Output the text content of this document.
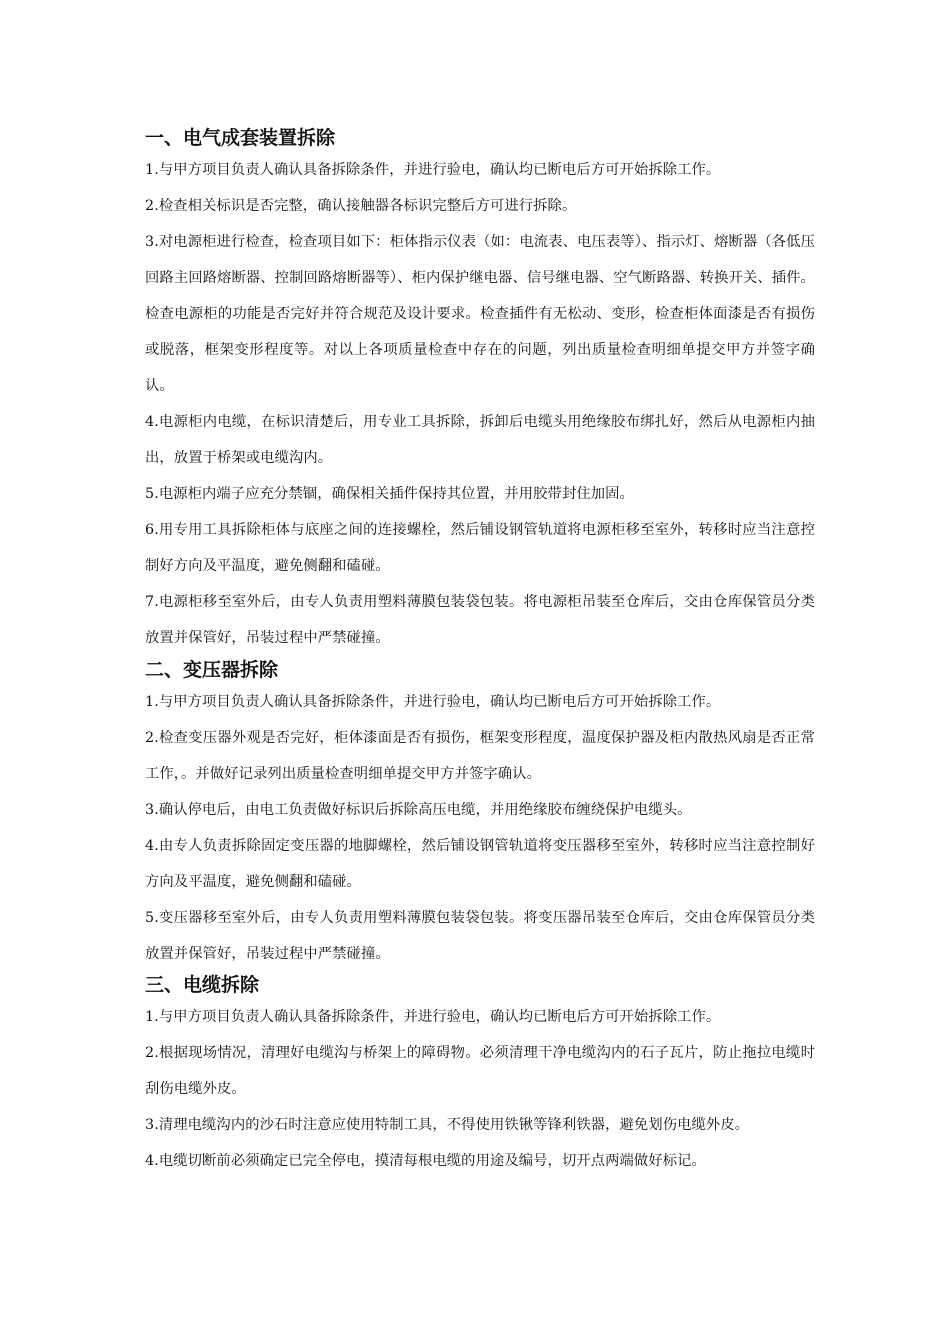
一、电气成套装置拆除

1.与甲方项目负责人确认具备拆除条件，并进行验电，确认均已断电后方可开始拆除工作。

2.检查相关标识是否完整，确认接触器各标识完整后方可进行拆除。

3.对电源柜进行检查，检查项目如下：柜体指示仪表（如：电流表、电压表等）、指示灯、熔断器（各低压回路主回路熔断器、控制回路熔断器等）、柜内保护继电器、信号继电器、空气断路器、转换开关、插件。检查电源柜的功能是否完好并符合规范及设计要求。检查插件有无松动、变形，检查柜体面漆是否有损伤或脱落，框架变形程度等。对以上各项质量检查中存在的问题，列出质量检查明细单提交甲方并签字确认。

4.电源柜内电缆，在标识清楚后，用专业工具拆除，拆卸后电缆头用绝缘胶布绑扎好，然后从电源柜内抽出，放置于桥架或电缆沟内。

5.电源柜内端子应充分禁锢，确保相关插件保持其位置，并用胶带封住加固。

6.用专用工具拆除柜体与底座之间的连接螺栓，然后铺设钢管轨道将电源柜移至室外，转移时应当注意控制好方向及平温度，避免侧翻和磕碰。

7.电源柜移至室外后，由专人负责用塑料薄膜包装袋包装。将电源柜吊装至仓库后，交由仓库保管员分类放置并保管好，吊装过程中严禁碰撞。

二、变压器拆除

1.与甲方项目负责人确认具备拆除条件，并进行验电，确认均已断电后方可开始拆除工作。

2.检查变压器外观是否完好，柜体漆面是否有损伤，框架变形程度，温度保护器及柜内散热风扇是否正常工作，。并做好记录列出质量检查明细单提交甲方并签字确认。

3.确认停电后，由电工负责做好标识后拆除高压电缆，并用绝缘胶布缠绕保护电缆头。

4.由专人负责拆除固定变压器的地脚螺栓，然后铺设钢管轨道将变压器移至室外，转移时应当注意控制好方向及平温度，避免侧翻和磕碰。

5.变压器移至室外后，由专人负责用塑料薄膜包装袋包装。将变压器吊装至仓库后，交由仓库保管员分类放置并保管好，吊装过程中严禁碰撞。

三、电缆拆除

1.与甲方项目负责人确认具备拆除条件，并进行验电，确认均已断电后方可开始拆除工作。

2.根据现场情况，清理好电缆沟与桥架上的障碍物。必须清理干净电缆沟内的石子瓦片，防止拖拉电缆时刮伤电缆外皮。

3.清理电缆沟内的沙石时注意应使用特制工具，不得使用铁锹等锋利铁器，避免划伤电缆外皮。

4.电缆切断前必须确定已完全停电，摸清每根电缆的用途及编号，切开点两端做好标记。
